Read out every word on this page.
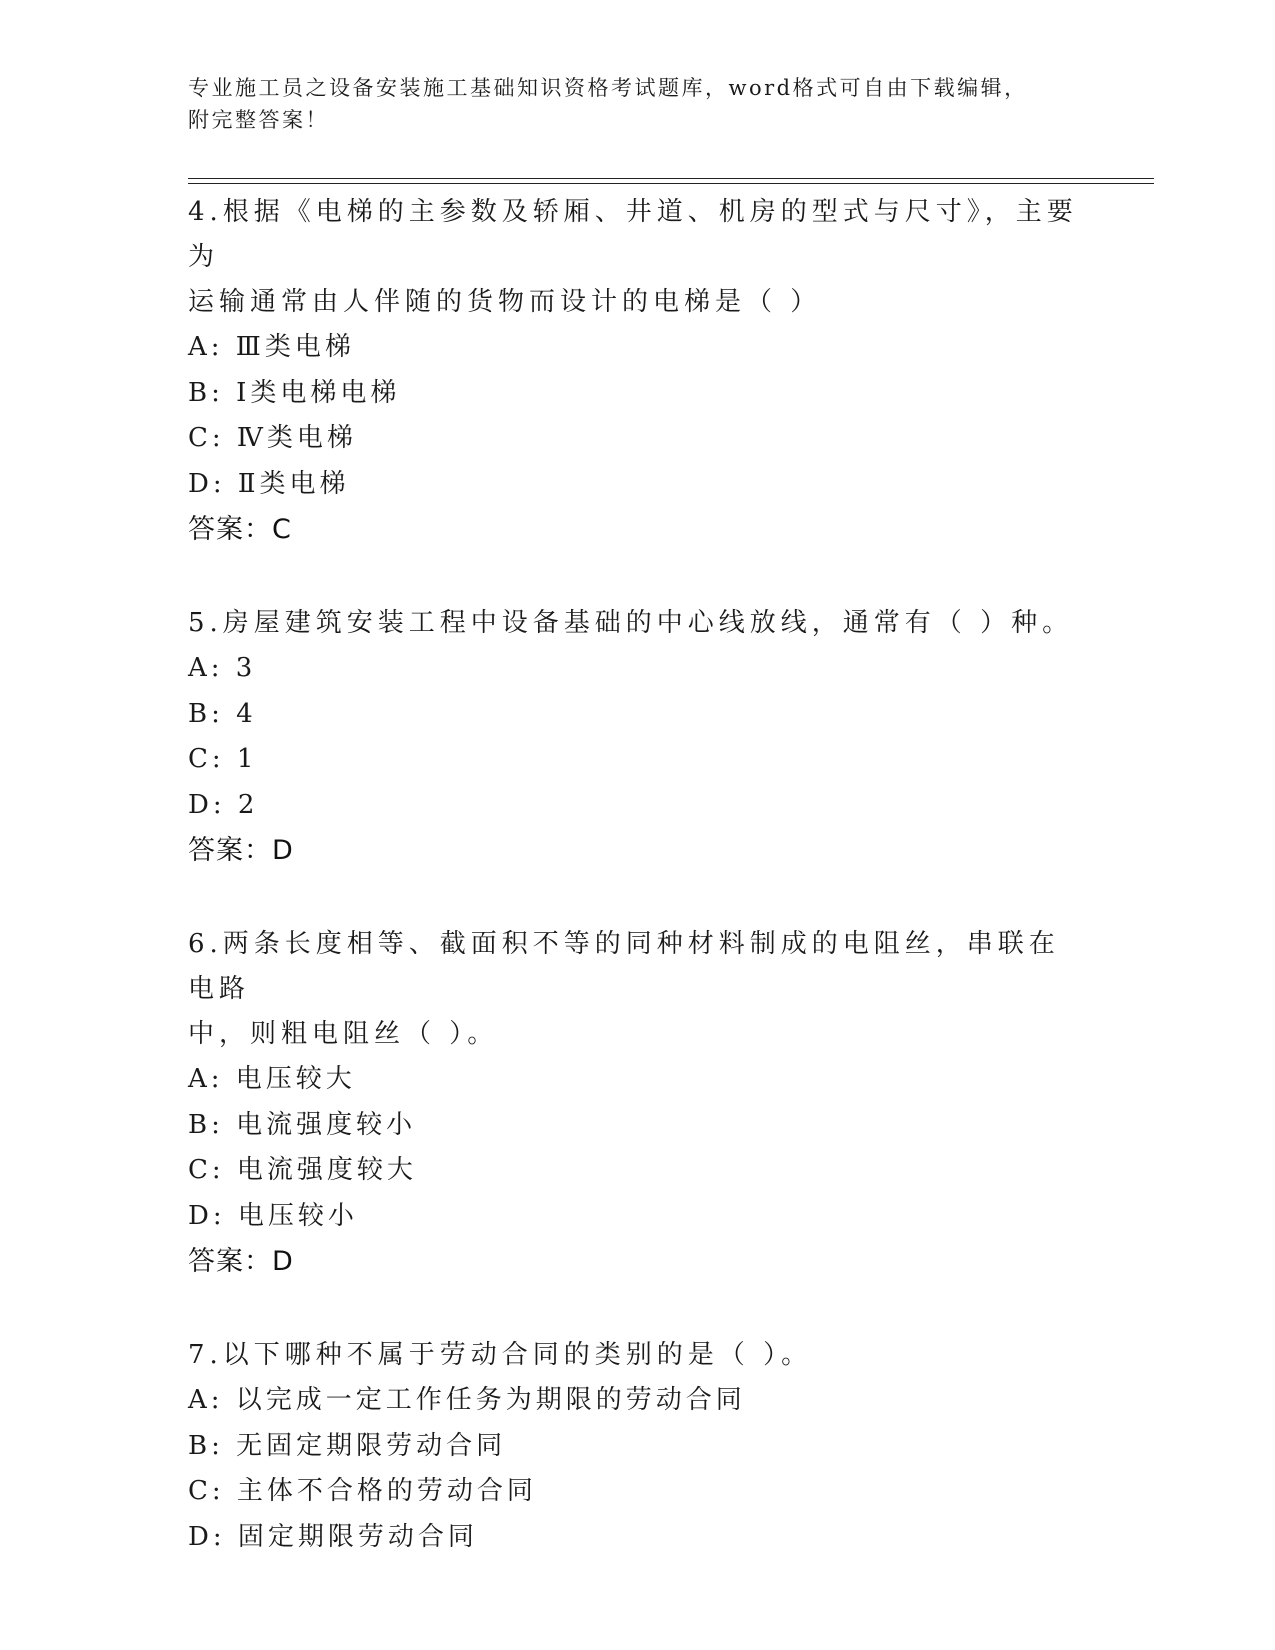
专业施工员之设备安装施工基础知识资格考试题库，word格式可自由下载编辑，
附完整答案！
4.根据《电梯的主参数及轿厢、井道、机房的型式与尺寸》，主要为
运输通常由人伴随的货物而设计的电梯是（ ）
A: Ⅲ类电梯
B: Ⅰ类电梯电梯
C: Ⅳ类电梯
D: Ⅱ类电梯
答案：C
5.房屋建筑安装工程中设备基础的中心线放线，通常有（ ）种。
A: 3
B: 4
C: 1
D: 2
答案：D
6.两条长度相等、截面积不等的同种材料制成的电阻丝，串联在电路
中，则粗电阻丝（ ）。
A: 电压较大
B: 电流强度较小
C: 电流强度较大
D: 电压较小
答案：D
7.以下哪种不属于劳动合同的类别的是（ ）。
A: 以完成一定工作任务为期限的劳动合同
B: 无固定期限劳动合同
C: 主体不合格的劳动合同
D: 固定期限劳动合同
